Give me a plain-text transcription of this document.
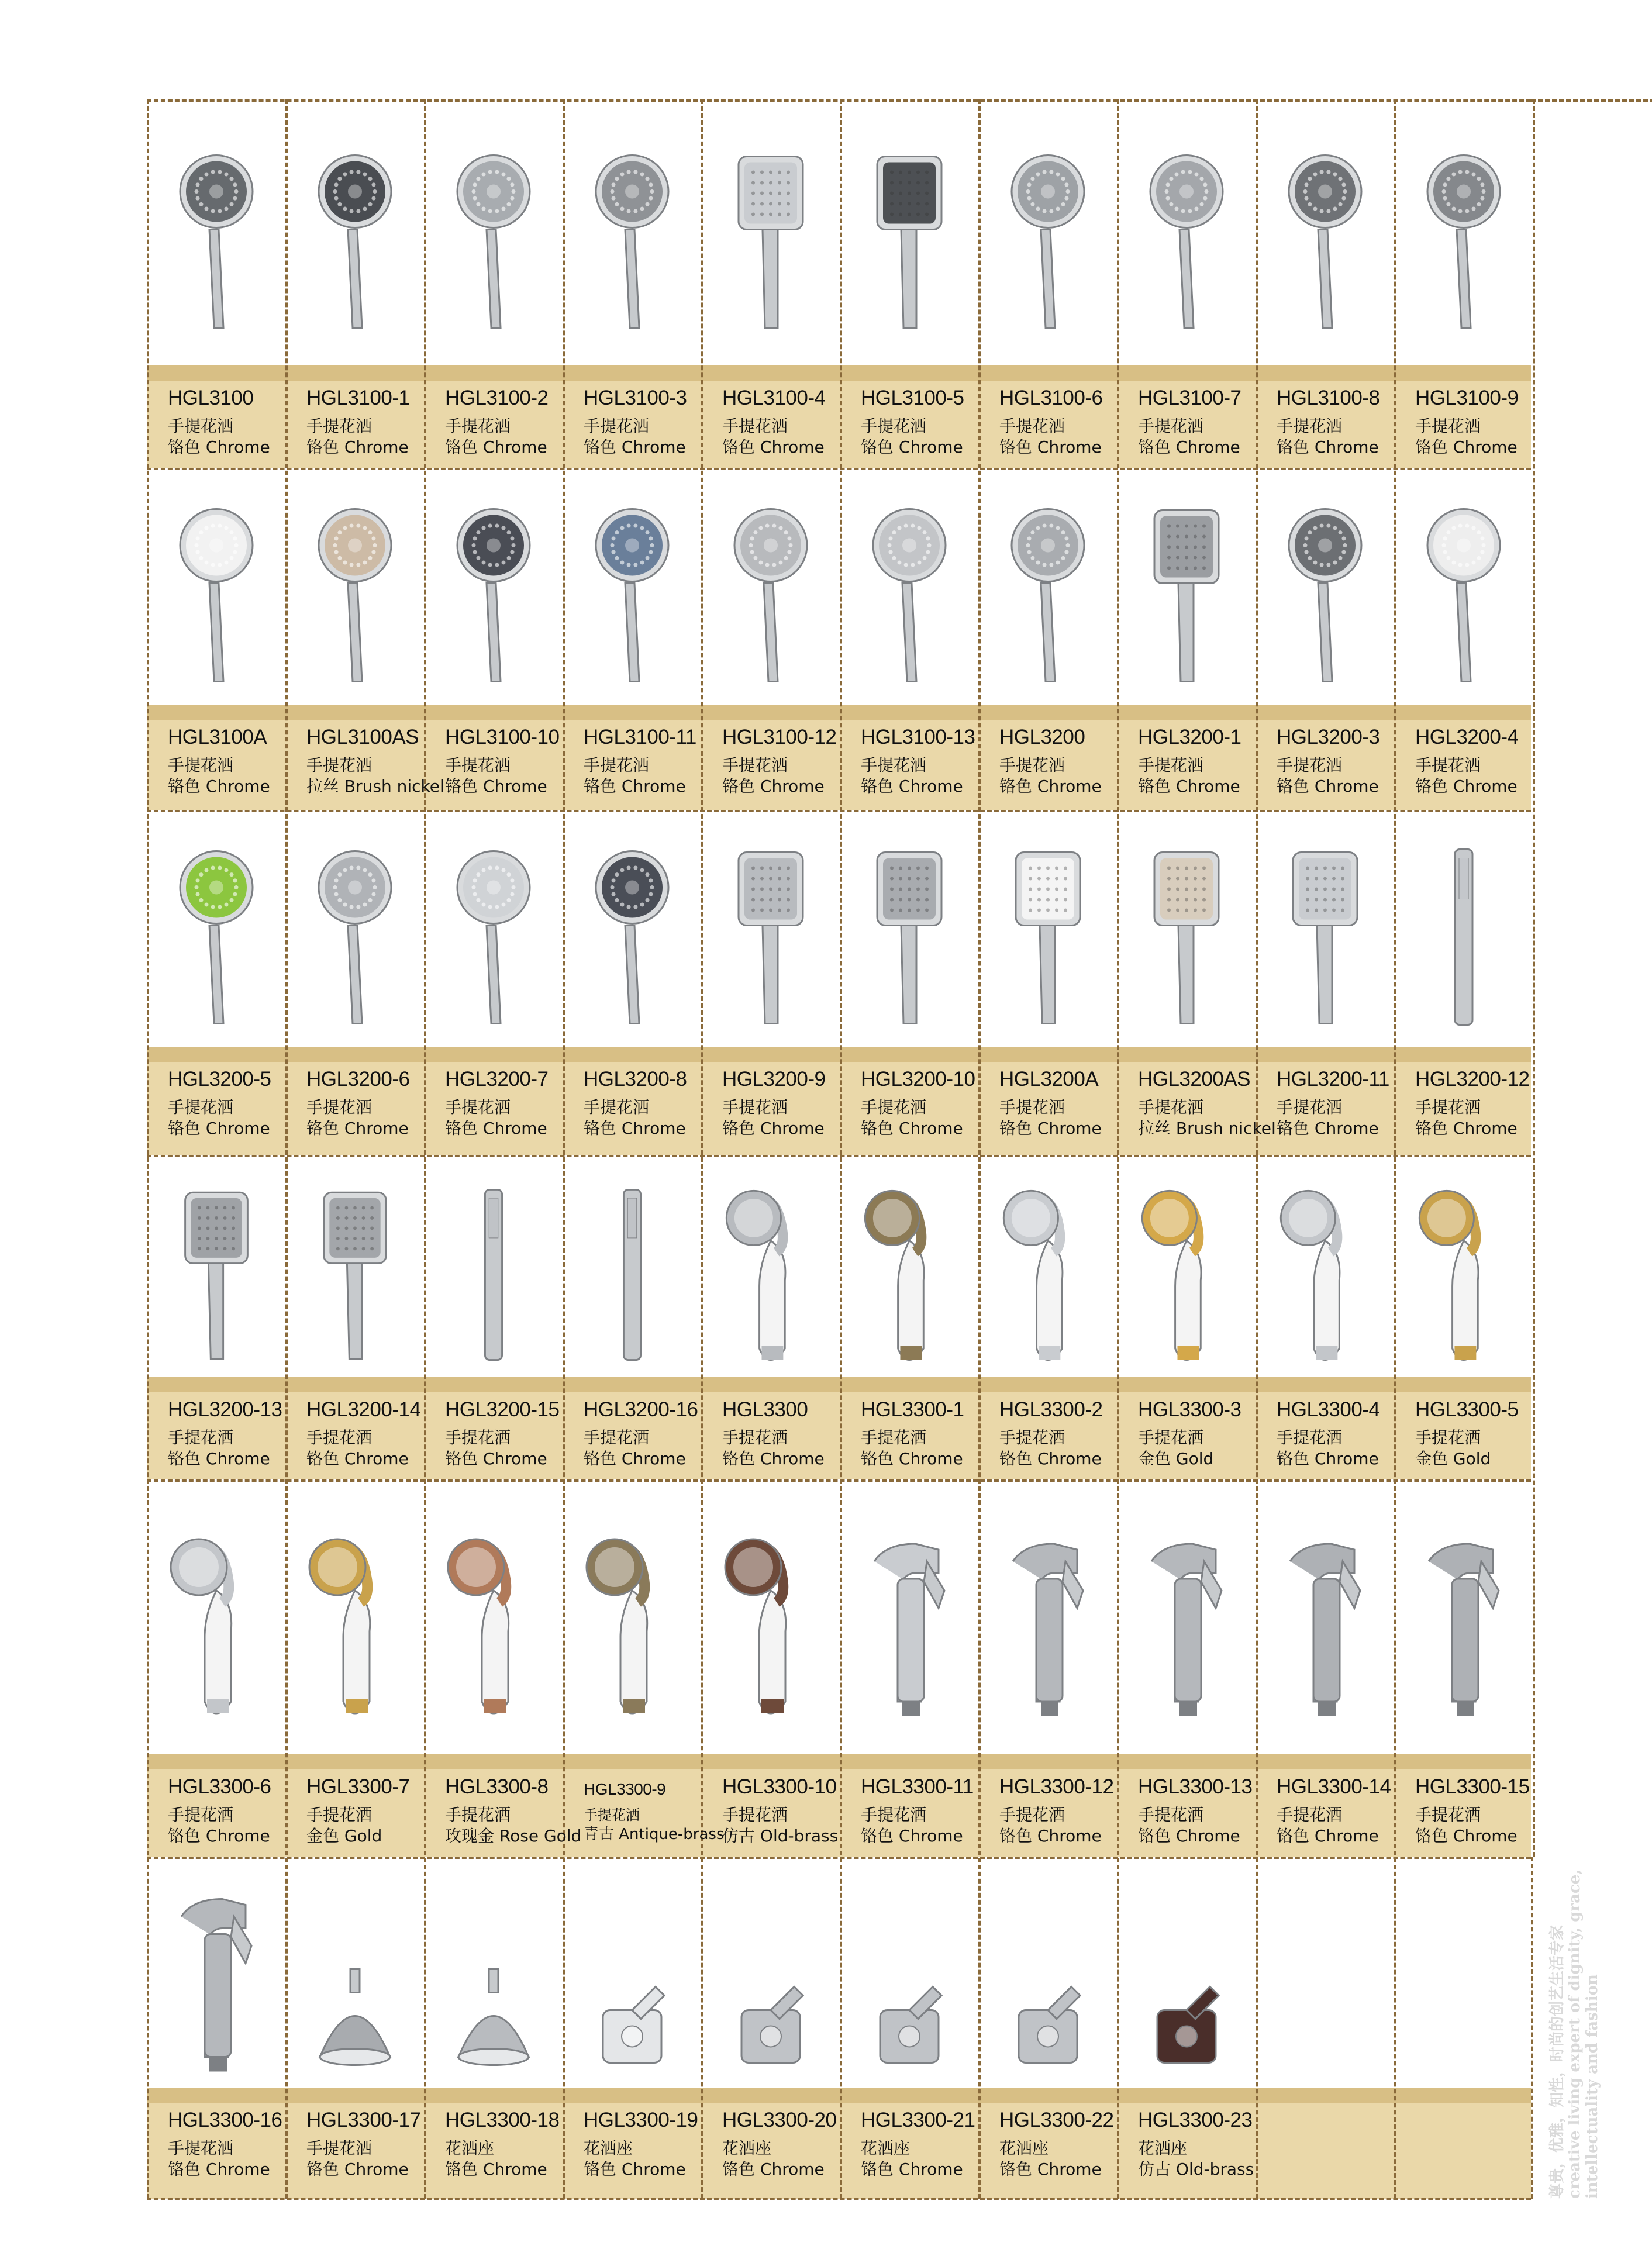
HGL3100
手提花洒
铬色 Chrome
HGL3100-1
手提花洒
铬色 Chrome
HGL3100-2
手提花洒
铬色 Chrome
HGL3100-3
手提花洒
铬色 Chrome
HGL3100-4
手提花洒
铬色 Chrome
HGL3100-5
手提花洒
铬色 Chrome
HGL3100-6
手提花洒
铬色 Chrome
HGL3100-7
手提花洒
铬色 Chrome
HGL3100-8
手提花洒
铬色 Chrome
HGL3100-9
手提花洒
铬色 Chrome
HGL3100A
手提花洒
铬色 Chrome
HGL3100AS
手提花洒
拉丝 Brush nickel
HGL3100-10
手提花洒
铬色 Chrome
HGL3100-11
手提花洒
铬色 Chrome
HGL3100-12
手提花洒
铬色 Chrome
HGL3100-13
手提花洒
铬色 Chrome
HGL3200
手提花洒
铬色 Chrome
HGL3200-1
手提花洒
铬色 Chrome
HGL3200-3
手提花洒
铬色 Chrome
HGL3200-4
手提花洒
铬色 Chrome
HGL3200-5
手提花洒
铬色 Chrome
HGL3200-6
手提花洒
铬色 Chrome
HGL3200-7
手提花洒
铬色 Chrome
HGL3200-8
手提花洒
铬色 Chrome
HGL3200-9
手提花洒
铬色 Chrome
HGL3200-10
手提花洒
铬色 Chrome
HGL3200A
手提花洒
铬色 Chrome
HGL3200AS
手提花洒
拉丝 Brush nickel
HGL3200-11
手提花洒
铬色 Chrome
HGL3200-12
手提花洒
铬色 Chrome
HGL3200-13
手提花洒
铬色 Chrome
HGL3200-14
手提花洒
铬色 Chrome
HGL3200-15
手提花洒
铬色 Chrome
HGL3200-16
手提花洒
铬色 Chrome
HGL3300
手提花洒
铬色 Chrome
HGL3300-1
手提花洒
铬色 Chrome
HGL3300-2
手提花洒
铬色 Chrome
HGL3300-3
手提花洒
金色 Gold
HGL3300-4
手提花洒
铬色 Chrome
HGL3300-5
手提花洒
金色 Gold
HGL3300-6
手提花洒
铬色 Chrome
HGL3300-7
手提花洒
金色 Gold
HGL3300-8
手提花洒
玫瑰金 Rose Gold
HGL3300-9
手提花洒
青古 Antique-brass
HGL3300-10
手提花洒
仿古 Old-brass
HGL3300-11
手提花洒
铬色 Chrome
HGL3300-12
手提花洒
铬色 Chrome
HGL3300-13
手提花洒
铬色 Chrome
HGL3300-14
手提花洒
铬色 Chrome
HGL3300-15
手提花洒
铬色 Chrome
HGL3300-16
手提花洒
铬色 Chrome
HGL3300-17
手提花洒
铬色 Chrome
HGL3300-18
花洒座
铬色 Chrome
HGL3300-19
花洒座
铬色 Chrome
HGL3300-20
花洒座
铬色 Chrome
HGL3300-21
花洒座
铬色 Chrome
HGL3300-22
花洒座
铬色 Chrome
HGL3300-23
花洒座
仿古 Old-brass	尊贵，优雅，知性，时尚的创艺生活专家 creative living expert of dignity, grace, intellectuality and fashion
